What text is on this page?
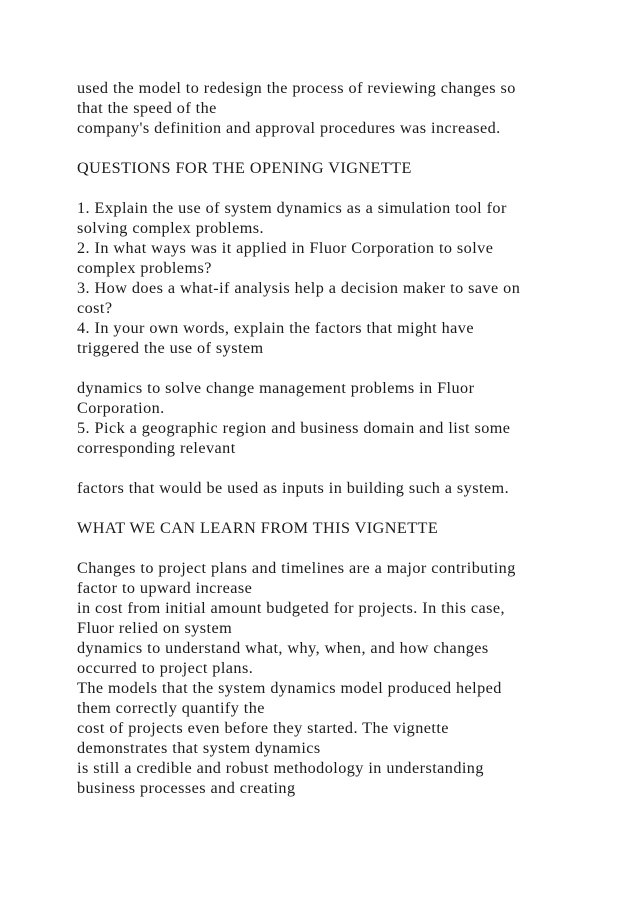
used the model to redesign the process of reviewing changes so
that the speed of the
company's definition and approval procedures was increased.
QUESTIONS FOR THE OPENING VIGNETTE
1. Explain the use of system dynamics as a simulation tool for
solving complex problems.
2. In what ways was it applied in Fluor Corporation to solve
complex problems?
3. How does a what-if analysis help a decision maker to save on
cost?
4. In your own words, explain the factors that might have
triggered the use of system
dynamics to solve change management problems in Fluor
Corporation.
5. Pick a geographic region and business domain and list some
corresponding relevant
factors that would be used as inputs in building such a system.
WHAT WE CAN LEARN FROM THIS VIGNETTE
Changes to project plans and timelines are a major contributing
factor to upward increase
in cost from initial amount budgeted for projects. In this case,
Fluor relied on system
dynamics to understand what, why, when, and how changes
occurred to project plans.
The models that the system dynamics model produced helped
them correctly quantify the
cost of projects even before they started. The vignette
demonstrates that system dynamics
is still a credible and robust methodology in understanding
business processes and creating
